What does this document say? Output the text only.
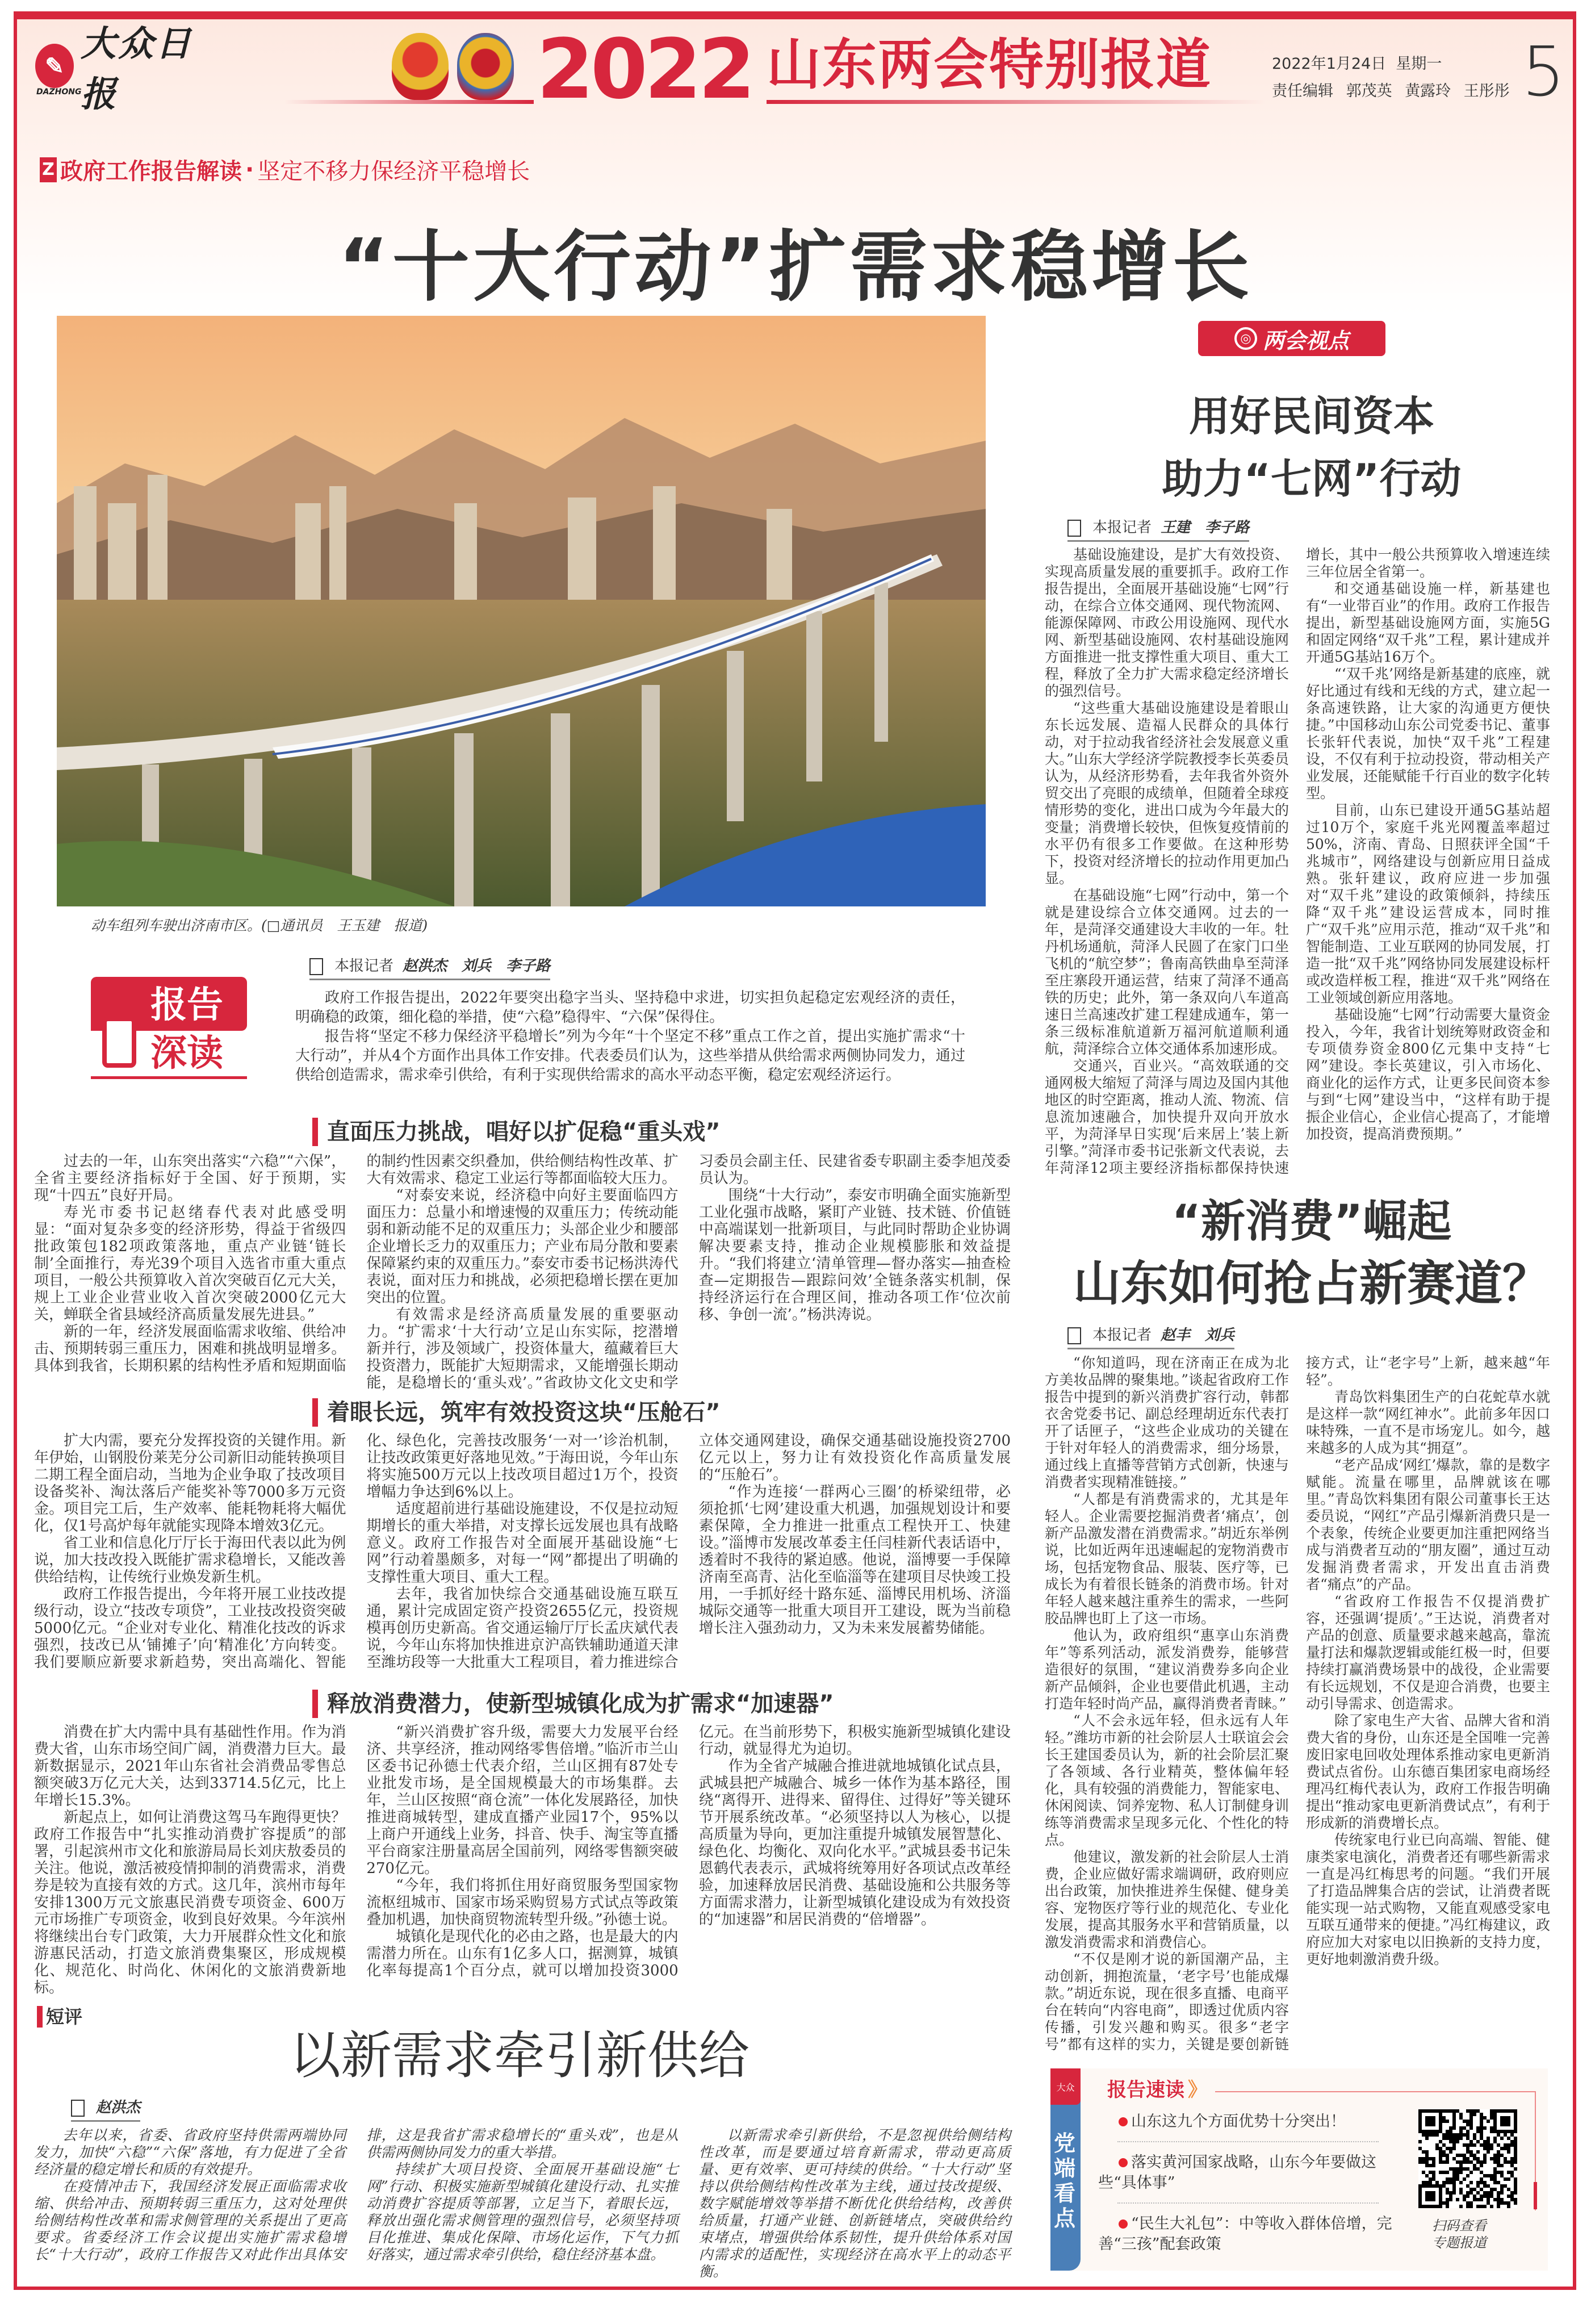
✎
大众日报
DAZHONG	2022 山东两会特别报道	2022年1月24日 星期一
责任编辑 郭茂英 黄露玲 王彤彤 5
Z 政府工作报告解读 · 坚定不移力保经济平稳增长
“十大行动”扩需求稳增长
动车组列车驶出济南市区。(□通讯员　王玉建　报道)
◎ 两会视点
用好民间资本
助力“七网”行动
本报记者 王建　李子路

基础设施建设，是扩大有效投资、实现高质量发展的重要抓手。政府工作报告提出，全面展开基础设施“七网”行动，在综合立体交通网、现代物流网、能源保障网、市政公用设施网、现代水网、新型基础设施网、农村基础设施网方面推进一批支撑性重大项目、重大工程，释放了全力扩大需求稳定经济增长的强烈信号。

“这些重大基础设施建设是着眼山东长远发展、造福人民群众的具体行动，对于拉动我省经济社会发展意义重大。”山东大学经济学院教授李长英委员认为，从经济形势看，去年我省外资外贸交出了亮眼的成绩单，但随着全球疫情形势的变化，进出口成为今年最大的变量；消费增长较快，但恢复疫情前的水平仍有很多工作要做。在这种形势下，投资对经济增长的拉动作用更加凸显。

在基础设施“七网”行动中，第一个就是建设综合立体交通网。过去的一年，是菏泽交通建设大丰收的一年。牡丹机场通航，菏泽人民圆了在家门口坐飞机的“航空梦”；鲁南高铁曲阜至菏泽至庄寨段开通运营，结束了菏泽不通高铁的历史；此外，第一条双向八车道高速日兰高速改扩建工程建成通车，第一条三级标准航道新万福河航道顺利通航，菏泽综合立体交通体系加速形成。

交通兴，百业兴。“高效联通的交通网极大缩短了菏泽与周边及国内其他地区的时空距离，推动人流、物流、信息流加速融合，加快提升双向开放水平，为菏泽早日实现‘后来居上’装上新引擎。”菏泽市委书记张新文代表说，去年菏泽12项主要经济指标都保持快速增长，其中一般公共预算收入增速连续三年位居全省第一。

和交通基础设施一样，新基建也有“一业带百业”的作用。政府工作报告提出，新型基础设施网方面，实施5G和固定网络“双千兆”工程，累计建成并开通5G基站16万个。

“‘双千兆’网络是新基建的底座，就好比通过有线和无线的方式，建立起一条高速铁路，让大家的沟通更方便快捷。”中国移动山东公司党委书记、董事长张轩代表说，加快“双千兆”工程建设，不仅有利于拉动投资，带动相关产业发展，还能赋能千行百业的数字化转型。

目前，山东已建设开通5G基站超过10万个，家庭千兆光网覆盖率超过50%，济南、青岛、日照获评全国“千兆城市”，网络建设与创新应用日益成熟。张轩建议，政府应进一步加强对“双千兆”建设的政策倾斜，持续压降“双千兆”建设运营成本，同时推广“双千兆”应用示范，推动“双千兆”和智能制造、工业互联网的协同发展，打造一批“双千兆”网络协同发展建设标杆或改造样板工程，推进“双千兆”网络在工业领域创新应用落地。

基础设施“七网”行动需要大量资金投入，今年，我省计划统筹财政资金和专项债券资金800亿元集中支持“七网”建设。李长英建议，引入市场化、商业化的运作方式，让更多民间资本参与到“七网”建设当中，“这样有助于提振企业信心，企业信心提高了，才能增加投资，提高消费预期。”

报告深读
本报记者 赵洪杰　刘兵　李子路

政府工作报告提出，2022年要突出稳字当头、坚持稳中求进，切实担负起稳定宏观经济的责任，明确稳的政策，细化稳的举措，使“六稳”稳得牢、“六保”保得住。

报告将“坚定不移力保经济平稳增长”列为今年“十个坚定不移”重点工作之首，提出实施扩需求“十大行动”，并从4个方面作出具体工作安排。代表委员们认为，这些举措从供给需求两侧协同发力，通过供给创造需求，需求牵引供给，有利于实现供给需求的高水平动态平衡，稳定宏观经济运行。

直面压力挑战，唱好以扩促稳“重头戏”

过去的一年，山东突出落实“六稳”“六保”，全省主要经济指标好于全国、好于预期，实现“十四五”良好开局。

寿光市委书记赵绪春代表对此感受明显：“面对复杂多变的经济形势，得益于省级四批政策包182项政策落地，重点产业链‘链长制’全面推行，寿光39个项目入选省市重大重点项目，一般公共预算收入首次突破百亿元大关，规上工业企业营业收入首次突破2000亿元大关，蝉联全省县域经济高质量发展先进县。”

新的一年，经济发展面临需求收缩、供给冲击、预期转弱三重压力，困难和挑战明显增多。具体到我省，长期积累的结构性矛盾和短期面临的制约性因素交织叠加，供给侧结构性改革、扩大有效需求、稳定工业运行等都面临较大压力。

“对泰安来说，经济稳中向好主要面临四方面压力：总量小和增速慢的双重压力；传统动能弱和新动能不足的双重压力；头部企业少和腰部企业增长乏力的双重压力；产业布局分散和要素保障紧约束的双重压力。”泰安市委书记杨洪涛代表说，面对压力和挑战，必须把稳增长摆在更加突出的位置。

有效需求是经济高质量发展的重要驱动力。“扩需求‘十大行动’立足山东实际，挖潜增新并行，涉及领域广，投资体量大，蕴藏着巨大投资潜力，既能扩大短期需求，又能增强长期动能，是稳增长的‘重头戏’。”省政协文化文史和学习委员会副主任、民建省委专职副主委李旭茂委员认为。

围绕“十大行动”，泰安市明确全面实施新型工业化强市战略，紧盯产业链、技术链、价值链中高端谋划一批新项目，与此同时帮助企业协调解决要素支持，推动企业规模膨胀和效益提升。“我们将建立‘清单管理—督办落实—抽查检查—定期报告—跟踪问效’全链条落实机制，保持经济运行在合理区间，推动各项工作‘位次前移、争创一流’。”杨洪涛说。

着眼长远，筑牢有效投资这块“压舱石”

扩大内需，要充分发挥投资的关键作用。新年伊始，山钢股份莱芜分公司新旧动能转换项目二期工程全面启动，当地为企业争取了技改项目设备奖补、淘汰落后产能奖补等7000多万元资金。项目完工后，生产效率、能耗物耗将大幅优化，仅1号高炉每年就能实现降本增效3亿元。

省工业和信息化厅厅长于海田代表以此为例说，加大技改投入既能扩需求稳增长，又能改善供给结构，让传统行业焕发新生机。

政府工作报告提出，今年将开展工业技改提级行动，设立“技改专项贷”，工业技改投资突破5000亿元。“企业对专业化、精准化技改的诉求强烈，技改已从‘铺摊子’向‘精准化’方向转变。我们要顺应新要求新趋势，突出高端化、智能化、绿色化，完善技改服务‘一对一’诊治机制，让技改政策更好落地见效。”于海田说，今年山东将实施500万元以上技改项目超过1万个，投资增幅力争达到6%以上。

适度超前进行基础设施建设，不仅是拉动短期增长的重大举措，对支撑长远发展也具有战略意义。政府工作报告对全面展开基础设施“七网”行动着墨颇多，对每一“网”都提出了明确的支撑性重大项目、重大工程。

去年，我省加快综合交通基础设施互联互通，累计完成固定资产投资2655亿元，投资规模再创历史新高。省交通运输厅厅长孟庆斌代表说，今年山东将加快推进京沪高铁辅助通道天津至潍坊段等一大批重大工程项目，着力推进综合立体交通网建设，确保交通基础设施投资2700亿元以上，努力让有效投资化作高质量发展的“压舱石”。

“作为连接‘一群两心三圈’的桥梁纽带，必须抢抓‘七网’建设重大机遇，加强规划设计和要素保障，全力推进一批重点工程快开工、快建设。”淄博市发展改革委主任闫桂新代表话语中，透着时不我待的紧迫感。他说，淄博要一手保障济南至高青、沾化至临淄等在建项目尽快竣工投用，一手抓好经十路东延、淄博民用机场、济淄城际交通等一批重大项目开工建设，既为当前稳增长注入强劲动力，又为未来发展蓄势储能。

释放消费潜力，使新型城镇化成为扩需求“加速器”

消费在扩大内需中具有基础性作用。作为消费大省，山东市场空间广阔，消费潜力巨大。最新数据显示，2021年山东省社会消费品零售总额突破3万亿元大关，达到33714.5亿元，比上年增长15.3%。

新起点上，如何让消费这驾马车跑得更快？政府工作报告中“扎实推动消费扩容提质”的部署，引起滨州市文化和旅游局局长刘庆敖委员的关注。他说，激活被疫情抑制的消费需求，消费券是较为直接有效的方式。这几年，滨州市每年安排1300万元文旅惠民消费专项资金、600万元市场推广专项资金，收到良好效果。今年滨州将继续出台专门政策，大力开展群众性文化和旅游惠民活动，打造文旅消费集聚区，形成规模化、规范化、时尚化、休闲化的文旅消费新地标。

“新兴消费扩容升级，需要大力发展平台经济、共享经济，推动网络零售倍增。”临沂市兰山区委书记孙德士代表介绍，兰山区拥有87处专业批发市场，是全国规模最大的市场集群。去年，兰山区按照“商仓流”一体化发展路径，加快推进商城转型，建成直播产业园17个，95%以上商户开通线上业务，抖音、快手、淘宝等直播平台商家注册量高居全国前列，网络零售额突破270亿元。

“今年，我们将抓住用好商贸服务型国家物流枢纽城市、国家市场采购贸易方式试点等政策叠加机遇，加快商贸物流转型升级。”孙德士说。

城镇化是现代化的必由之路，也是最大的内需潜力所在。山东有1亿多人口，据测算，城镇化率每提高1个百分点，就可以增加投资3000亿元。在当前形势下，积极实施新型城镇化建设行动，就显得尤为迫切。

作为全省产城融合推进就地城镇化试点县，武城县把产城融合、城乡一体作为基本路径，围绕“离得开、进得来、留得住、过得好”等关键环节开展系统改革。“必须坚持以人为核心，以提高质量为导向，更加注重提升城镇发展智慧化、绿色化、均衡化、双向化水平。”武城县委书记朱恩鹤代表表示，武城将统筹用好各项试点改革经验，加速释放居民消费、基础设施和公共服务等方面需求潜力，让新型城镇化建设成为有效投资的“加速器”和居民消费的“倍增器”。

“新消费”崛起
山东如何抢占新赛道？
本报记者 赵丰　刘兵

“你知道吗，现在济南正在成为北方美妆品牌的聚集地。”谈起省政府工作报告中提到的新兴消费扩容行动，韩都衣舍党委书记、副总经理胡近东代表打开了话匣子，“这些企业成功的关键在于针对年轻人的消费需求，细分场景，通过线上直播等营销方式创新，快速与消费者实现精准链接。”

“人都是有消费需求的，尤其是年轻人。企业需要挖掘消费者‘痛点’，创新产品激发潜在消费需求。”胡近东举例说，比如近两年迅速崛起的宠物消费市场，包括宠物食品、服装、医疗等，已成长为有着很长链条的消费市场。针对年轻人越来越注重养生的需求，一些阿胶品牌也盯上了这一市场。

他认为，政府组织“惠享山东消费年”等系列活动，派发消费券，能够营造很好的氛围，“建议消费券多向企业新产品倾斜，企业也要借此机遇，主动打造年轻时尚产品，赢得消费者青睐。”

“人不会永远年轻，但永远有人年轻。”潍坊市新的社会阶层人士联谊会会长王建国委员认为，新的社会阶层汇聚了各领域、各行业精英，整体偏年轻化，具有较强的消费能力，智能家电、休闲阅读、饲养宠物、私人订制健身训练等消费需求呈现多元化、个性化的特点。

他建议，激发新的社会阶层人士消费，企业应做好需求端调研，政府则应出台政策，加快推进养生保健、健身美容、宠物医疗等行业的规范化、专业化发展，提高其服务水平和营销质量，以激发消费需求和消费信心。

“不仅是刚才说的新国潮产品，主动创新，拥抱流量，‘老字号’也能成爆款。”胡近东说，现在很多直播、电商平台在转向“内容电商”，即透过优质内容传播，引发兴趣和购买。很多“老字号”都有这样的实力，关键是要创新链接方式，让“老字号”上新，越来越“年轻”。

青岛饮料集团生产的白花蛇草水就是这样一款“网红神水”。此前多年因口味特殊，一直不是市场宠儿。如今，越来越多的人成为其“拥趸”。

“老产品成‘网红’爆款，靠的是数字赋能。流量在哪里，品牌就该在哪里。”青岛饮料集团有限公司董事长王达委员说，“网红”产品引爆新消费只是一个表象，传统企业要更加注重把网络当成与消费者互动的“朋友圈”，通过互动发掘消费者需求，开发出直击消费者“痛点”的产品。

“省政府工作报告不仅提消费扩容，还强调‘提质’。”王达说，消费者对产品的创意、质量要求越来越高，靠流量打法和爆款逻辑或能红极一时，但要持续打赢消费场景中的战役，企业需要有长远规划，不仅是迎合消费，也要主动引导需求、创造需求。

除了家电生产大省、品牌大省和消费大省的身份，山东还是全国唯一完善废旧家电回收处理体系推动家电更新消费试点省份。山东德百集团家电商场经理冯红梅代表认为，政府工作报告明确提出“推动家电更新消费试点”，有利于形成新的消费增长点。

传统家电行业已向高端、智能、健康类家电演化，消费者还有哪些新需求一直是冯红梅思考的问题。“我们开展了打造品牌集合店的尝试，让消费者既能实现一站式购物，又能直观感受家电互联互通带来的便捷。”冯红梅建议，政府应加大对家电以旧换新的支持力度，更好地刺激消费升级。

短评
以新需求牵引新供给
赵洪杰

去年以来，省委、省政府坚持供需两端协同发力，加快“六稳”“六保”落地，有力促进了全省经济量的稳定增长和质的有效提升。

在疫情冲击下，我国经济发展正面临需求收缩、供给冲击、预期转弱三重压力，这对处理供给侧结构性改革和需求侧管理的关系提出了更高要求。省委经济工作会议提出实施扩需求稳增长“十大行动”，政府工作报告又对此作出具体安排，这是我省扩需求稳增长的“重头戏”，也是从供需两侧协同发力的重大举措。

持续扩大项目投资、全面展开基础设施“七网”行动、积极实施新型城镇化建设行动、扎实推动消费扩容提质等部署，立足当下，着眼长远，释放出强化需求侧管理的强烈信号，必须坚持项目化推进、集成化保障、市场化运作，下气力抓好落实，通过需求牵引供给，稳住经济基本盘。

以新需求牵引新供给，不是忽视供给侧结构性改革，而是要通过培育新需求，带动更高质量、更有效率、更可持续的供给。“十大行动”坚持以供给侧结构性改革为主线，通过技改提级、数字赋能增效等举措不断优化供给结构，改善供给质量，打通产业链、创新链堵点，突破供给约束堵点，增强供给体系韧性，提升供给体系对国内需求的适配性，实现经济在高水平上的动态平衡。

大众
党端看点
报告速读 》
山东这九个方面优势十分突出！
落实黄河国家战略，山东今年要做这些“具体事”
“民生大礼包”：中等收入群体倍增，完善“三孩”配套政策
扫码查看
专题报道
